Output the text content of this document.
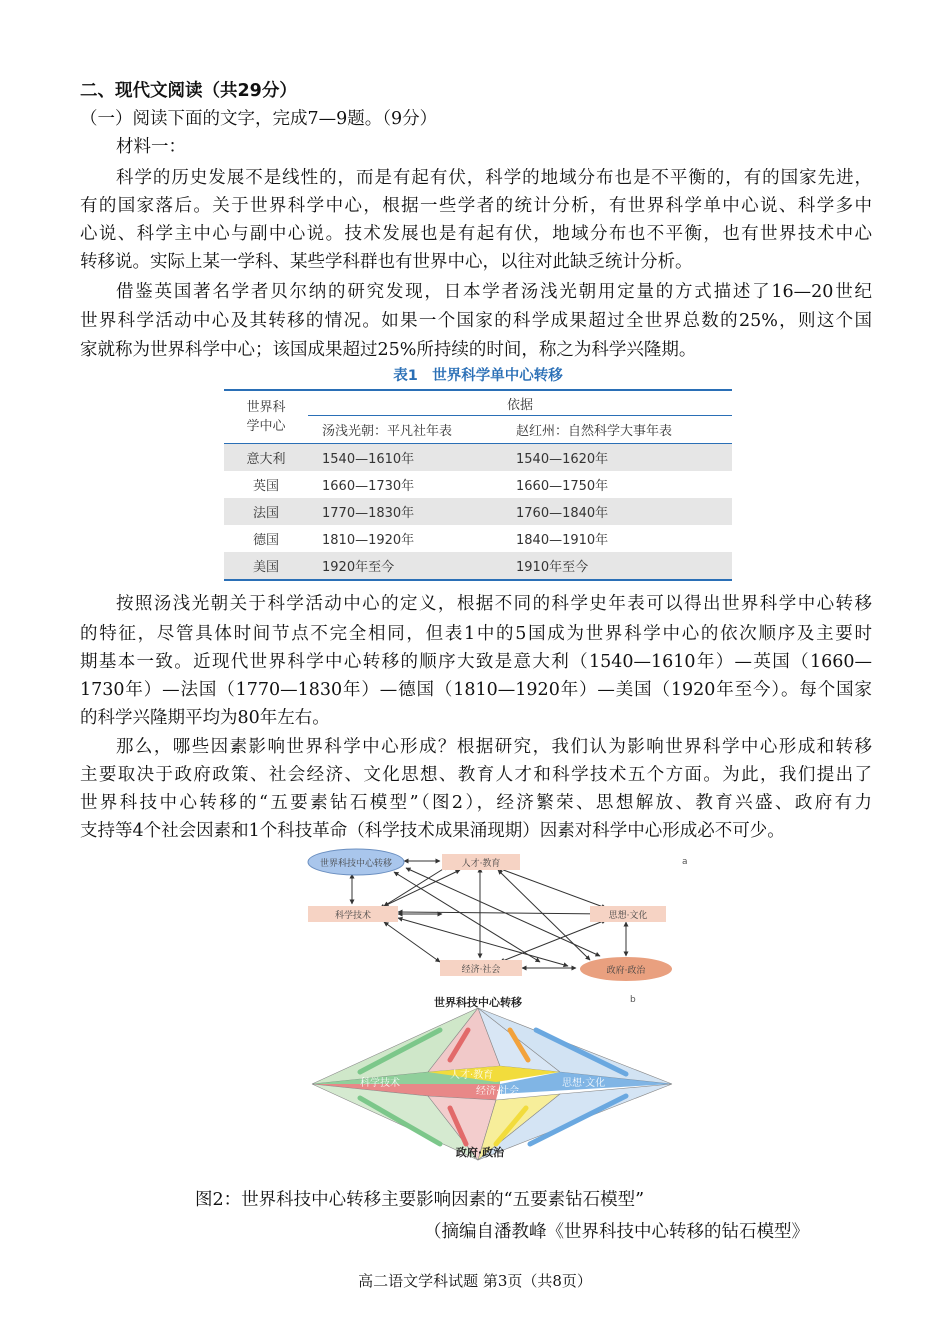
二、现代文阅读（共29分）
（一）阅读下面的文字，完成7—9题。（9分）
材料一：
科学的历史发展不是线性的，而是有起有伏，科学的地域分布也是不平衡的，有的国家先进，
有的国家落后。关于世界科学中心，根据一些学者的统计分析，有世界科学单中心说、科学多中
心说、科学主中心与副中心说。技术发展也是有起有伏，地域分布也不平衡，也有世界技术中心
转移说。实际上某一学科、某些学科群也有世界中心，以往对此缺乏统计分析。
借鉴英国著名学者贝尔纳的研究发现，日本学者汤浅光朝用定量的方式描述了16—20世纪
世界科学活动中心及其转移的情况。如果一个国家的科学成果超过全世界总数的25%，则这个国
家就称为世界科学中心；该国成果超过25%所持续的时间，称之为科学兴隆期。
表1　世界科学单中心转移
世界科学中心
依据
汤浅光朝：平凡社年表	赵红州：自然科学大事年表
意大利	1540—1610年	1540—1620年
英国	1660—1730年	1660—1750年
法国	1770—1830年	1760—1840年
德国	1810—1920年	1840—1910年
美国	1920年至今	1910年至今
按照汤浅光朝关于科学活动中心的定义，根据不同的科学史年表可以得出世界科学中心转移
的特征，尽管具体时间节点不完全相同，但表1中的5国成为世界科学中心的依次顺序及主要时
期基本一致。近现代世界科学中心转移的顺序大致是意大利（1540—1610年）—英国（1660—
1730年）—法国（1770—1830年）—德国（1810—1920年）—美国（1920年至今）。每个国家
的科学兴隆期平均为80年左右。
那么，哪些因素影响世界科学中心形成？根据研究，我们认为影响世界科学中心形成和转移
主要取决于政府政策、社会经济、文化思想、教育人才和科学技术五个方面。为此，我们提出了
世界科技中心转移的“五要素钻石模型”（图2），经济繁荣、思想解放、教育兴盛、政府有力
支持等4个社会因素和1个科技革命（科学技术成果涌现期）因素对科学中心形成必不可少。
世界科技中心转移	人才·教育
科学技术	思想·文化
经济·社会	政府·政治
a
世界科技中心转移	b
科学技术	思想·文化
人才·教育
经济·社会
政府·政治
图2：世界科技中心转移主要影响因素的“五要素钻石模型”
（摘编自潘教峰《世界科技中心转移的钻石模型》
高二语文学科试题 第3页（共8页）
